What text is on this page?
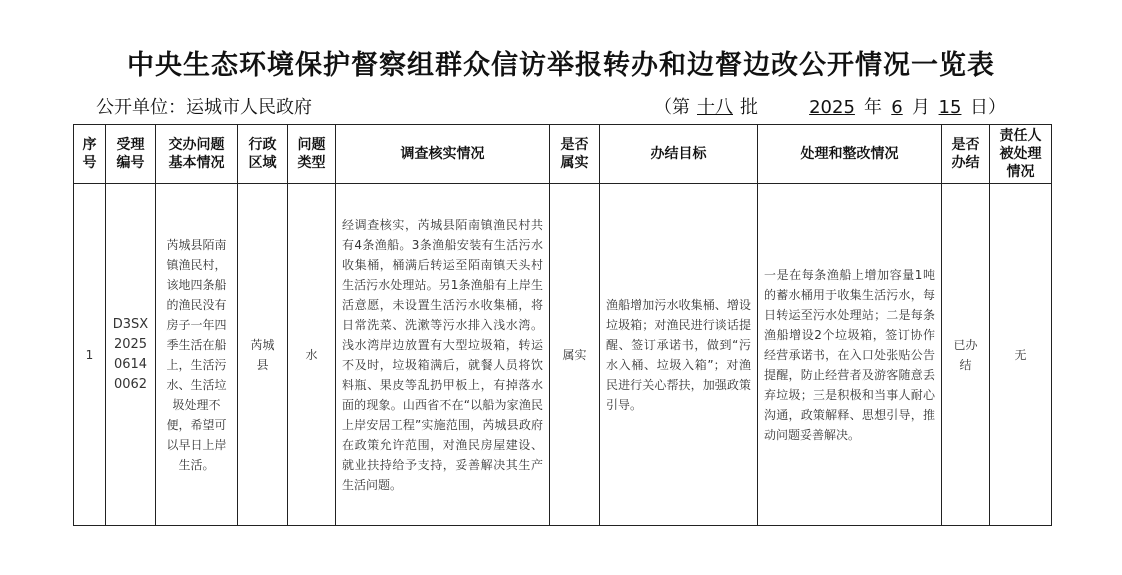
中央生态环境保护督察组群众信访举报转办和边督边改公开情况一览表
公开单位：运城市人民政府	（第 十八 批	2025 年 6 月 15 日）
序号	受理编号	交办问题基本情况	行政区域	问题类型	调查核实情况	是否属实	办结目标	处理和整改情况	是否办结	责任人被处理情况

1	D3SX202506140062	芮城县陌南镇渔民村，该地四条船的渔民没有房子一年四季生活在船上，生活污水、生活垃圾处理不便，希望可以早日上岸生活。	芮城县	水	经调查核实，芮城县陌南镇渔民村共有4条渔船。3条渔船安装有生活污水收集桶，桶满后转运至陌南镇天头村生活污水处理站。另1条渔船有上岸生活意愿，未设置生活污水收集桶，将日常洗菜、洗漱等污水排入浅水湾。浅水湾岸边放置有大型垃圾箱，转运不及时，垃圾箱满后，就餐人员将饮料瓶、果皮等乱扔甲板上，有掉落水面的现象。山西省不在“以船为家渔民上岸安居工程”实施范围，芮城县政府在政策允许范围，对渔民房屋建设、就业扶持给予支持，妥善解决其生产生活问题。	属实	渔船增加污水收集桶、增设垃圾箱；对渔民进行谈话提醒、签订承诺书，做到“污水入桶、垃圾入箱”；对渔民进行关心帮扶，加强政策引导。	一是在每条渔船上增加容量1吨的蓄水桶用于收集生活污水，每日转运至污水处理站；二是每条渔船增设2个垃圾箱，签订协作经营承诺书，在入口处张贴公告提醒，防止经营者及游客随意丢弃垃圾；三是积极和当事人耐心沟通，政策解释、思想引导，推动问题妥善解决。	已办结	无
